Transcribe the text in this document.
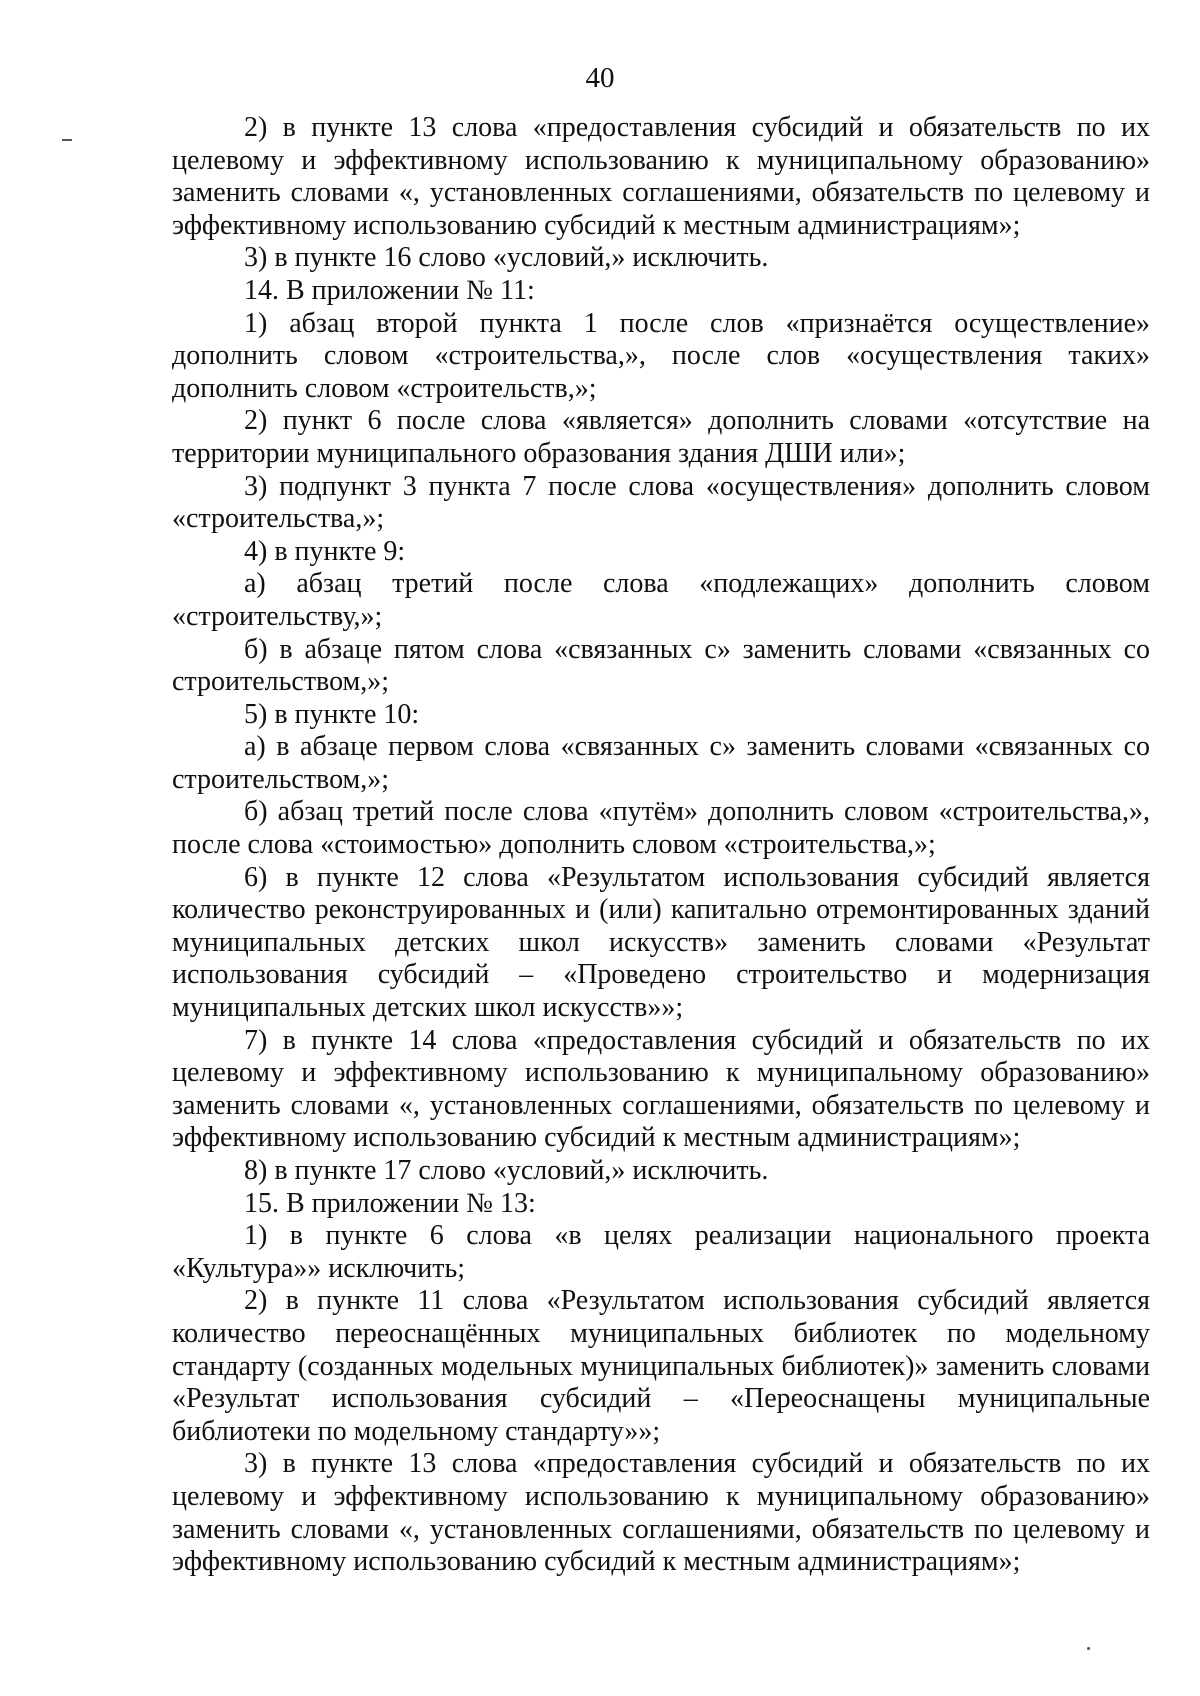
40

2) в пункте 13 слова «предоставления субсидий и обязательств по их целевому и эффективному использованию к муниципальному образованию» заменить словами «, установленных соглашениями, обязательств по целевому и эффективному использованию субсидий к местным администрациям»;

3) в пункте 16 слово «условий,» исключить.

14. В приложении № 11:

1) абзац второй пункта 1 после слов «признаётся осуществление» дополнить словом «строительства,», после слов «осуществления таких» дополнить словом «строительств,»;

2) пункт 6 после слова «является» дополнить словами «отсутствие на территории муниципального образования здания ДШИ или»;

3) подпункт 3 пункта 7 после слова «осуществления» дополнить словом «строительства,»;

4) в пункте 9:

а) абзац третий после слова «подлежащих» дополнить словом «строительству,»;

б) в абзаце пятом слова «связанных с» заменить словами «связанных со строительством,»;

5) в пункте 10:

а) в абзаце первом слова «связанных с» заменить словами «связанных со строительством,»;

б) абзац третий после слова «путём» дополнить словом «строительства,», после слова «стоимостью» дополнить словом «строительства,»;

6) в пункте 12 слова «Результатом использования субсидий является количество реконструированных и (или) капитально отремонтированных зданий муниципальных детских школ искусств» заменить словами «Результат использования субсидий – «Проведено строительство и модернизация муниципальных детских школ искусств»»;

7) в пункте 14 слова «предоставления субсидий и обязательств по их целевому и эффективному использованию к муниципальному образованию» заменить словами «, установленных соглашениями, обязательств по целевому и эффективному использованию субсидий к местным администрациям»;

8) в пункте 17 слово «условий,» исключить.

15. В приложении № 13:

1) в пункте 6 слова «в целях реализации национального проекта «Культура»» исключить;

2) в пункте 11 слова «Результатом использования субсидий является количество переоснащённых муниципальных библиотек по модельному стандарту (созданных модельных муниципальных библиотек)» заменить словами «Результат использования субсидий – «Переоснащены муниципальные библиотеки по модельному стандарту»»;

3) в пункте 13 слова «предоставления субсидий и обязательств по их целевому и эффективному использованию к муниципальному образованию» заменить словами «, установленных соглашениями, обязательств по целевому и эффективному использованию субсидий к местным администрациям»;
